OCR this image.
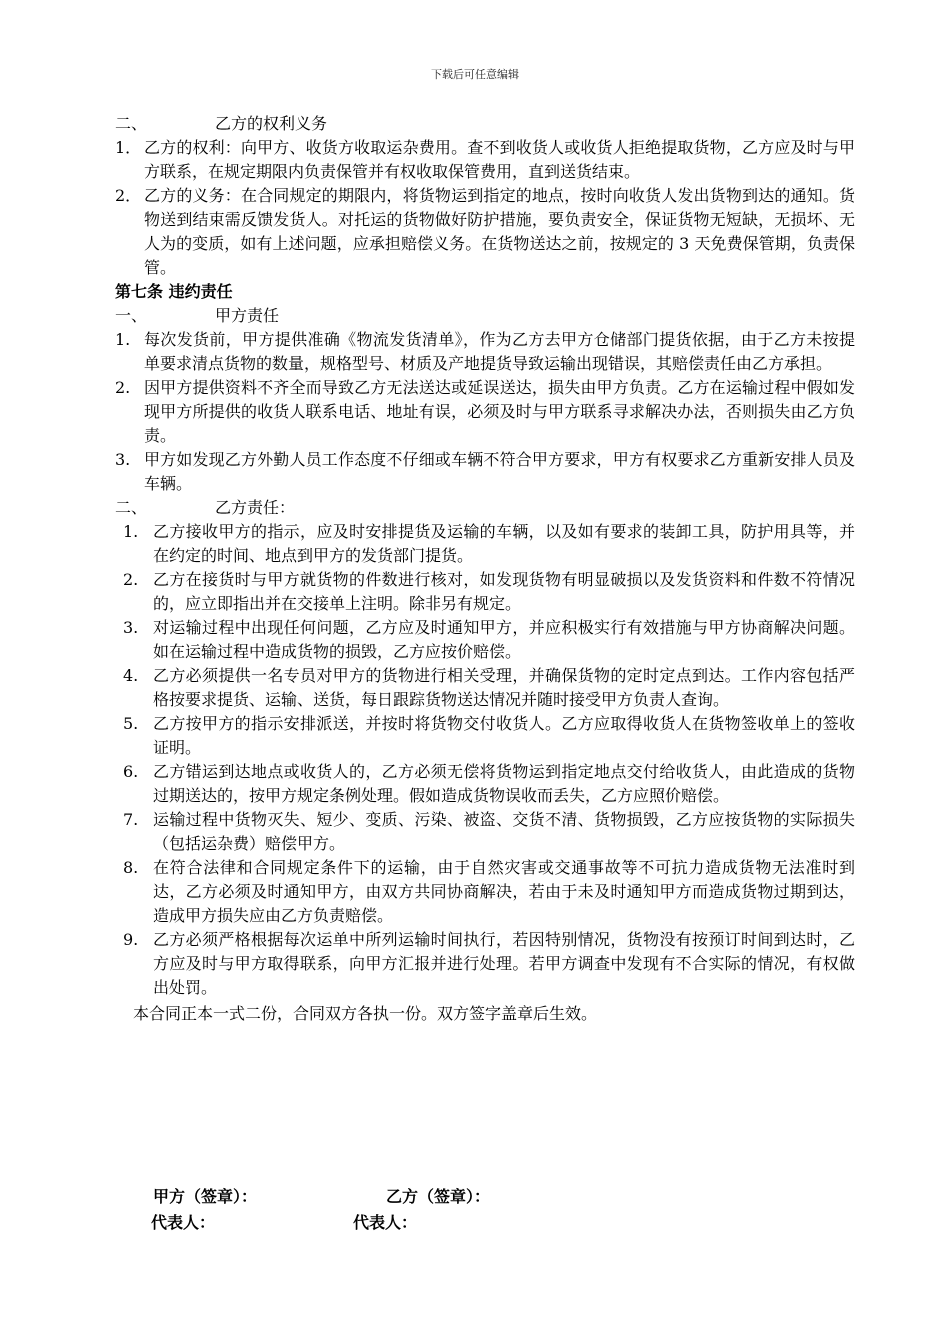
下载后可任意编辑
二、	乙方的权利义务
1． 乙方的权利：向甲方、收货方收取运杂费用。查不到收货人或收货人拒绝提取货物，乙方应及时与甲方联系，在规定期限内负责保管并有权收取保管费用，直到送货结束。
2． 乙方的义务：在合同规定的期限内，将货物运到指定的地点，按时向收货人发出货物到达的通知。货物送到结束需反馈发货人。对托运的货物做好防护措施，要负责安全，保证货物无短缺，无损坏、无人为的变质，如有上述问题，应承担赔偿义务。在货物送达之前，按规定的 3 天免费保管期，负责保管。
第七条 违约责任
一、	甲方责任
1. 每次发货前，甲方提供准确《物流发货清单》，作为乙方去甲方仓储部门提货依据，由于乙方未按提单要求清点货物的数量，规格型号、材质及产地提货导致运输出现错误，其赔偿责任由乙方承担。
2. 因甲方提供资料不齐全而导致乙方无法送达或延误送达，损失由甲方负责。乙方在运输过程中假如发现甲方所提供的收货人联系电话、地址有误，必须及时与甲方联系寻求解决办法，否则损失由乙方负责。
3. 甲方如发现乙方外勤人员工作态度不仔细或车辆不符合甲方要求，甲方有权要求乙方重新安排人员及车辆。
二、	乙方责任：
1. 乙方接收甲方的指示，应及时安排提货及运输的车辆，以及如有要求的装卸工具，防护用具等，并在约定的时间、地点到甲方的发货部门提货。
2. 乙方在接货时与甲方就货物的件数进行核对，如发现货物有明显破损以及发货资料和件数不符情况的，应立即指出并在交接单上注明。除非另有规定。
3. 对运输过程中出现任何问题，乙方应及时通知甲方，并应积极实行有效措施与甲方协商解决问题。如在运输过程中造成货物的损毁，乙方应按价赔偿。
4. 乙方必须提供一名专员对甲方的货物进行相关受理，并确保货物的定时定点到达。工作内容包括严格按要求提货、运输、送货，每日跟踪货物送达情况并随时接受甲方负责人查询。
5. 乙方按甲方的指示安排派送，并按时将货物交付收货人。乙方应取得收货人在货物签收单上的签收证明。
6. 乙方错运到达地点或收货人的，乙方必须无偿将货物运到指定地点交付给收货人，由此造成的货物过期送达的，按甲方规定条例处理。假如造成货物误收而丢失，乙方应照价赔偿。
7. 运输过程中货物灭失、短少、变质、污染、被盗、交货不清、货物损毁，乙方应按货物的实际损失（包括运杂费）赔偿甲方。
8. 在符合法律和合同规定条件下的运输，由于自然灾害或交通事故等不可抗力造成货物无法准时到达，乙方必须及时通知甲方，由双方共同协商解决，若由于未及时通知甲方而造成货物过期到达，造成甲方损失应由乙方负责赔偿。
9. 乙方必须严格根据每次运单中所列运输时间执行，若因特别情况，货物没有按预订时间到达时，乙方应及时与甲方取得联系，向甲方汇报并进行处理。若甲方调查中发现有不合实际的情况，有权做出处罚。
本合同正本一式二份，合同双方各执一份。双方签字盖章后生效。
甲方（签章）：	乙方（签章）：
代表人：	代表人：
